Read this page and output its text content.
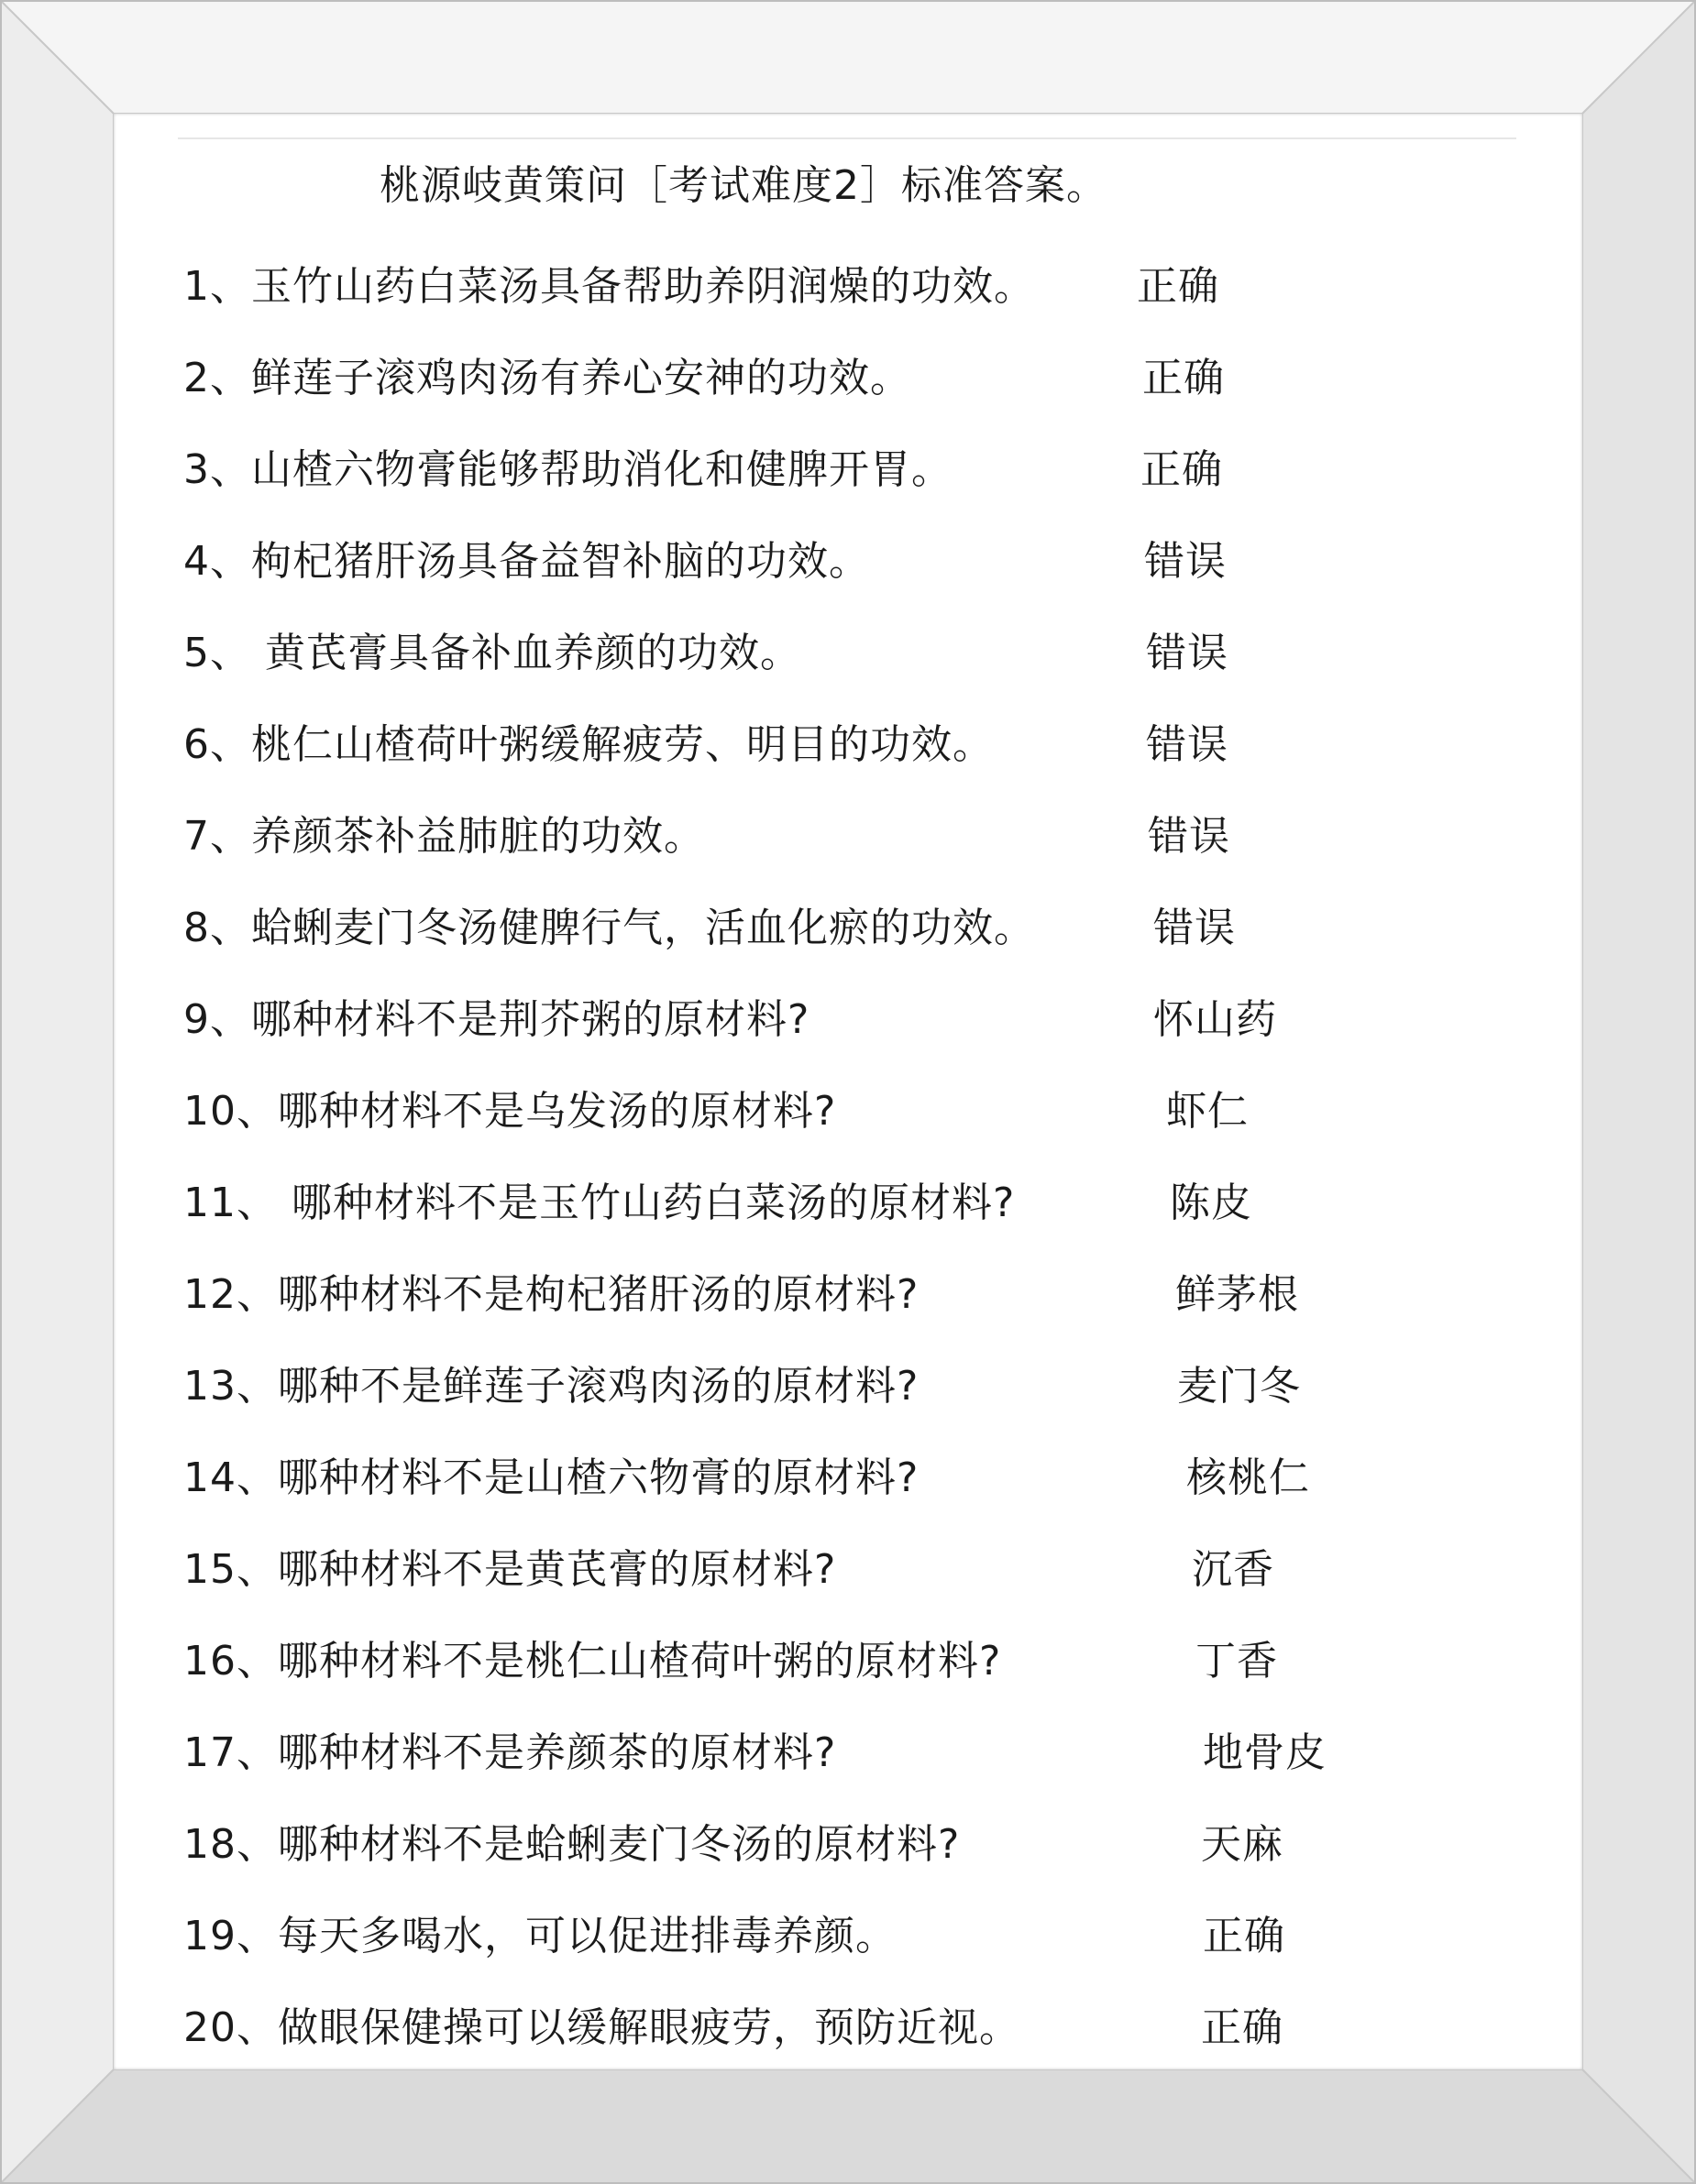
桃源岐黄策问［考试难度2］标准答案。
1、玉竹山药白菜汤具备帮助养阴润燥的功效。	正确
2、鲜莲子滚鸡肉汤有养心安神的功效。	正确
3、山楂六物膏能够帮助消化和健脾开胃。	正确
4、枸杞猪肝汤具备益智补脑的功效。	错误
5、 黄芪膏具备补血养颜的功效。	错误
6、桃仁山楂荷叶粥缓解疲劳、明目的功效。	错误
7、养颜茶补益肺脏的功效。	错误
8、蛤蜊麦门冬汤健脾行气，活血化瘀的功效。	错误
9、哪种材料不是荆芥粥的原材料?	怀山药
10、哪种材料不是乌发汤的原材料?	虾仁
11、 哪种材料不是玉竹山药白菜汤的原材料?	陈皮
12、哪种材料不是枸杞猪肝汤的原材料?	鲜茅根
13、哪种不是鲜莲子滚鸡肉汤的原材料?	麦门冬
14、哪种材料不是山楂六物膏的原材料?	核桃仁
15、哪种材料不是黄芪膏的原材料?	沉香
16、哪种材料不是桃仁山楂荷叶粥的原材料?	丁香
17、哪种材料不是养颜茶的原材料?	地骨皮
18、哪种材料不是蛤蜊麦门冬汤的原材料?	天麻
19、每天多喝水，可以促进排毒养颜。	正确
20、做眼保健操可以缓解眼疲劳，预防近视。	正确
